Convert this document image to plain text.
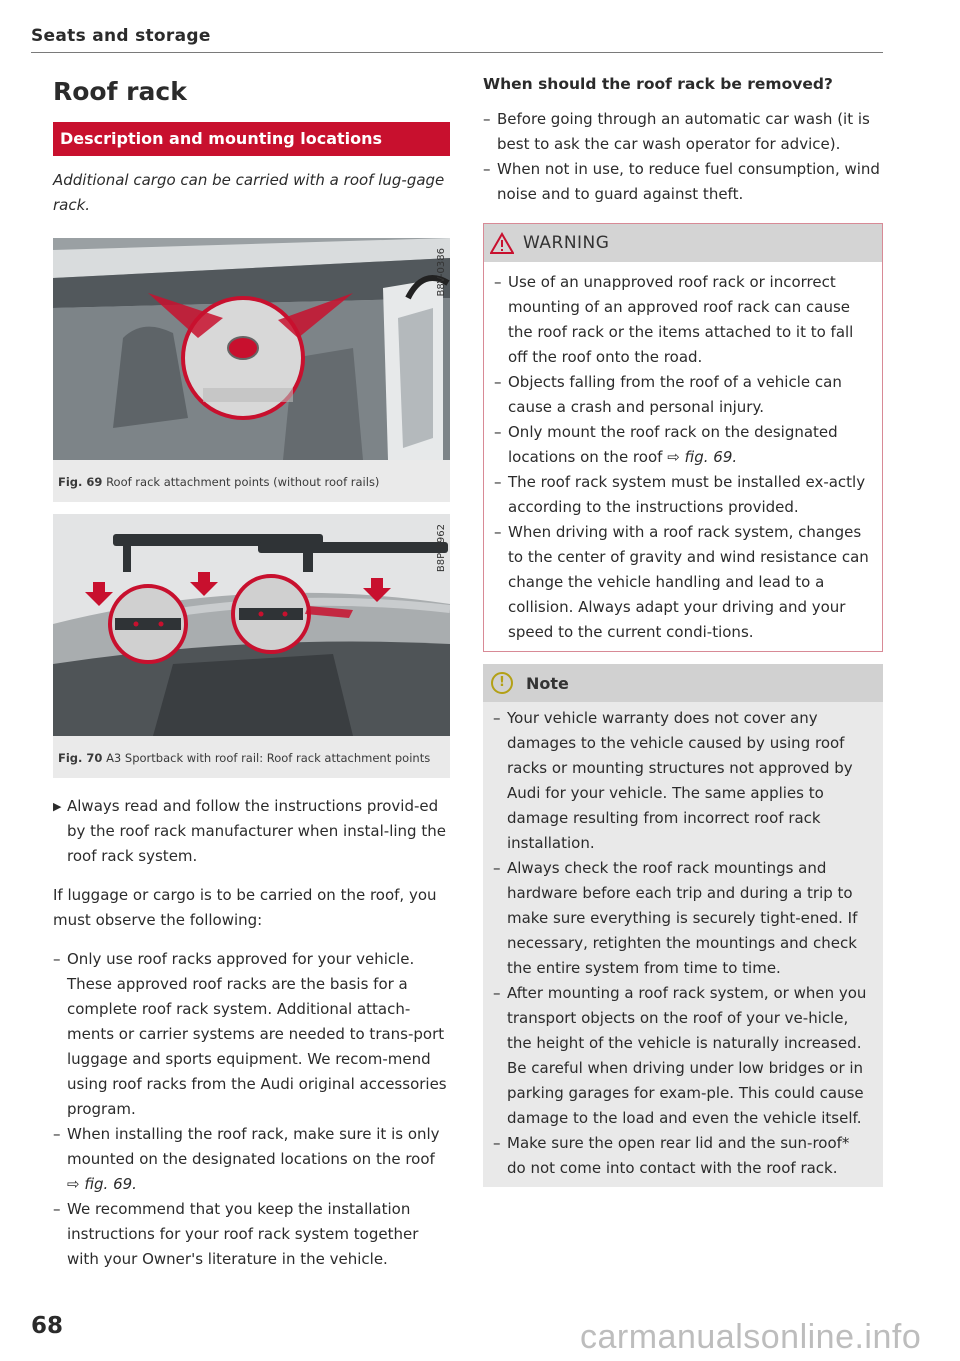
Seats and storage
Roof rack
Description and mounting locations

Additional cargo can be carried with a roof lug-gage rack.

B8V-0386
Fig. 69 Roof rack attachment points (without roof rails)
B8P-1962
Fig. 70 A3 Sportback with roof rail: Roof rack attachment points
▶ Always read and follow the instructions provid-ed by the roof rack manufacturer when instal-ling the roof rack system.
If luggage or cargo is to be carried on the roof, you must observe the following:
– Only use roof racks approved for your vehicle. These approved roof racks are the basis for a complete roof rack system. Additional attach-ments or carrier systems are needed to trans-port luggage and sports equipment. We recom-mend using roof racks from the Audi original accessories program.
– When installing the roof rack, make sure it is only mounted on the designated locations on the roof ⇨ fig. 69.
– We recommend that you keep the installation instructions for your roof rack system together with your Owner's literature in the vehicle.
When should the roof rack be removed?
– Before going through an automatic car wash (it is best to ask the car wash operator for advice).
– When not in use, to reduce fuel consumption, wind noise and to guard against theft.
WARNING
– Use of an unapproved roof rack or incorrect mounting of an approved roof rack can cause the roof rack or the items attached to it to fall off the roof onto the road.
– Objects falling from the roof of a vehicle can cause a crash and personal injury.
– Only mount the roof rack on the designated locations on the roof ⇨ fig. 69.
– The roof rack system must be installed ex-actly according to the instructions provided.
– When driving with a roof rack system, changes to the center of gravity and wind resistance can change the vehicle handling and lead to a collision. Always adapt your driving and your speed to the current condi-tions.
!	Note
– Your vehicle warranty does not cover any damages to the vehicle caused by using roof racks or mounting structures not approved by Audi for your vehicle. The same applies to damage resulting from incorrect roof rack installation.
– Always check the roof rack mountings and hardware before each trip and during a trip to make sure everything is securely tight-ened. If necessary, retighten the mountings and check the entire system from time to time.
– After mounting a roof rack system, or when you transport objects on the roof of your ve-hicle, the height of the vehicle is naturally increased. Be careful when driving under low bridges or in parking garages for exam-ple. This could cause damage to the load and even the vehicle itself.
– Make sure the open rear lid and the sun-roof* do not come into contact with the roof rack.
68	carmanualsonline.info
